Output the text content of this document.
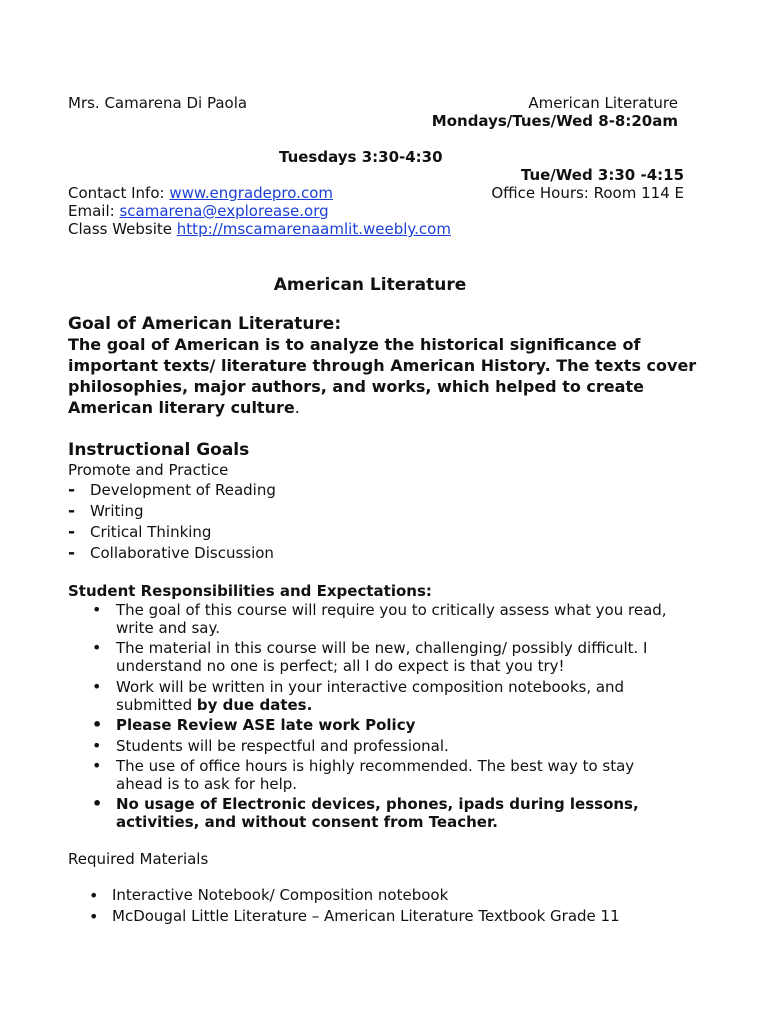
Mrs. Camarena Di Paola	American Literature
Mondays/Tues/Wed 8-8:20am
Tuesdays 3:30-4:30
Tue/Wed 3:30 -4:15
Office Hours: Room 114 E
Contact Info: www.engradepro.com
Email: scamarena@explorease.org
Class Website http://mscamarenaamlit.weebly.com
American Literature
Goal of American Literature:
The goal of American is to analyze the historical significance of important texts/ literature through American History. The texts cover philosophies, major authors, and works, which helped to create American literary culture.
Instructional Goals
Promote and Practice
- Development of Reading
- Writing
- Critical Thinking
- Collaborative Discussion
Student Responsibilities and Expectations:
• The goal of this course will require you to critically assess what you read, write and say.
• The material in this course will be new, challenging/ possibly difficult. I understand no one is perfect; all I do expect is that you try!
• Work will be written in your interactive composition notebooks, and submitted by due dates.
• Please Review ASE late work Policy
• Students will be respectful and professional.
• The use of office hours is highly recommended. The best way to stay ahead is to ask for help.
• No usage of Electronic devices, phones, ipads during lessons, activities, and without consent from Teacher.
Required Materials
• Interactive Notebook/ Composition notebook
• McDougal Little Literature – American Literature Textbook Grade 11
